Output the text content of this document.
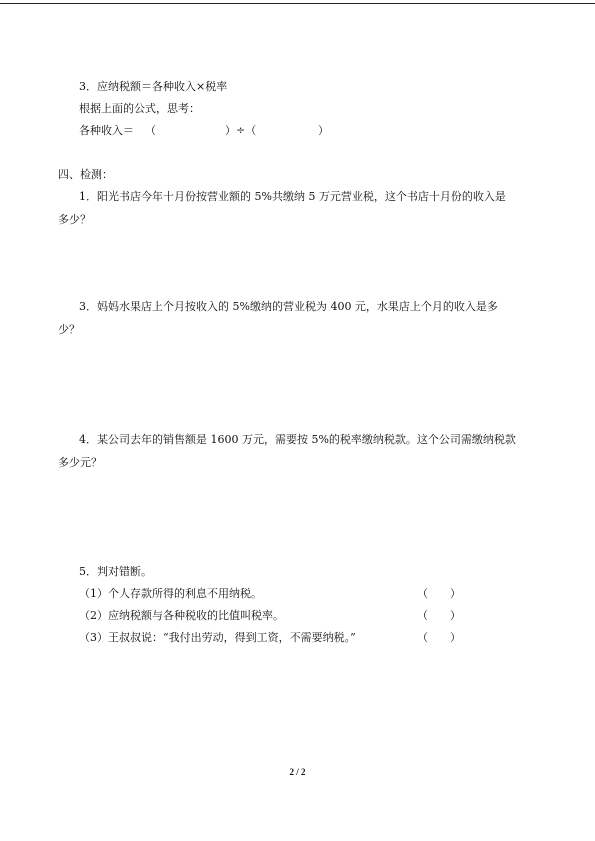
3．应纳税额＝各种收入×税率
根据上面的公式，思考：
各种收入＝ （	）÷（	）
四、检测：
1．阳光书店今年十月份按营业额的 5%共缴纳 5 万元营业税，这个书店十月份的收入是
多少？
3．妈妈水果店上个月按收入的 5%缴纳的营业税为 400 元，水果店上个月的收入是多
少？
4．某公司去年的销售额是 1600 万元，需要按 5%的税率缴纳税款。这个公司需缴纳税款
多少元？
5．判对错断。
（1）个人存款所得的利息不用纳税。	（　　）
（2）应纳税额与各种税收的比值叫税率。	（　　）
（3）王叔叔说：“我付出劳动，得到工资，不需要纳税。”	（　　）
2 / 2
